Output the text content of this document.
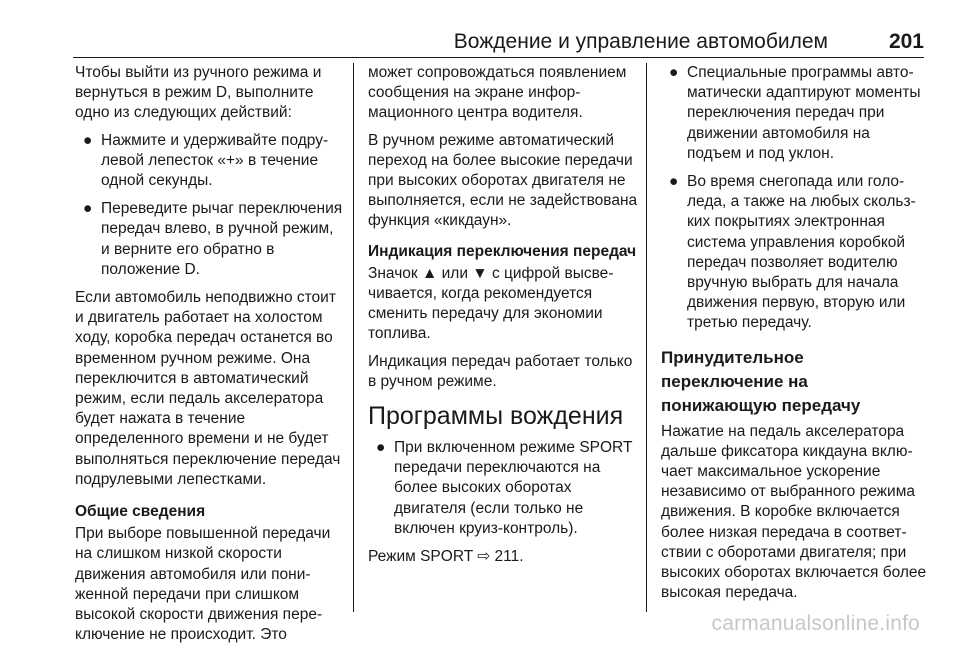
Вождение и управление автомобилем	201

Чтобы выйти из ручного режима и вернуться в режим D, выполните одно из следующих действий:

● Нажмите и удерживайте подрулевой лепесток «+» в течение одной секунды.
● Переведите рычаг переключения передач влево, в ручной режим, и верните его обратно в положение D.

Если автомобиль неподвижно стоит и двигатель работает на холостом ходу, коробка передач останется во временном ручном режиме. Она переключится в автоматический режим, если педаль акселератора будет нажата в течение определенного времени и не будет выполняться переключение передач подрулевыми лепестками.

Общие сведения

При выборе повышенной передачи на слишком низкой скорости движения автомобиля или пониженной передачи при слишком высокой скорости движения переключение не происходит. Это

может сопровождаться появлением сообщения на экране информационного центра водителя.

В ручном режиме автоматический переход на более высокие передачи при высоких оборотах двигателя не выполняется, если не задействована функция «кикдаун».

Индикация переключения передач

Значок ▲ или ▼ с цифрой высвечивается, когда рекомендуется сменить передачу для экономии топлива.

Индикация передач работает только в ручном режиме.

Программы вождения
● При включенном режиме SPORT передачи переключаются на более высоких оборотах двигателя (если только не включен круиз-контроль).

Режим SPORT ⇨ 211.

● Специальные программы автоматически адаптируют моменты переключения передач при движении автомобиля на подъем и под уклон.
● Во время снегопада или гололеда, а также на любых скользких покрытиях электронная система управления коробкой передач позволяет водителю вручную выбрать для начала движения первую, вторую или третью передачу.
Принудительное переключение на понижающую передачу

Нажатие на педаль акселератора дальше фиксатора кикдауна включает максимальное ускорение независимо от выбранного режима движения. В коробке включается более низкая передача в соответствии с оборотами двигателя; при высоких оборотах включается более высокая передача.

carmanualsonline.info
